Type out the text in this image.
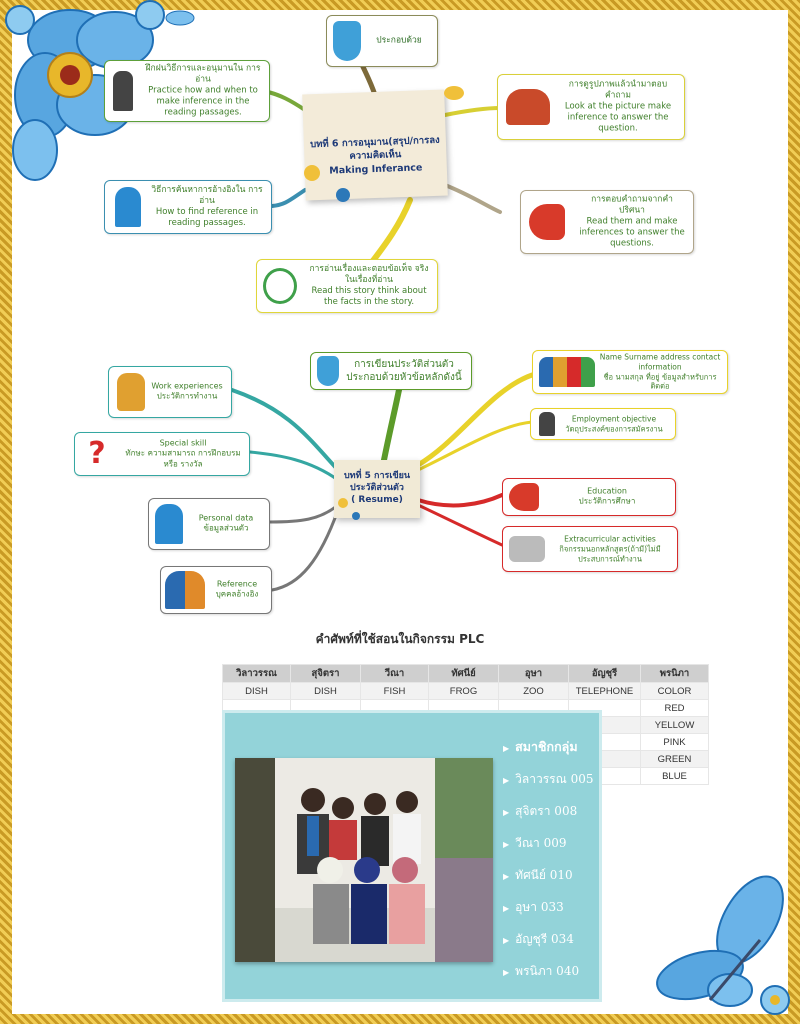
บทที่ 6 การอนุมาน(สรุป/การลงความคิดเห็น
Making Inferance
ประกอบด้วย
ฝึกฝนวิธีการและอนุมานใน การอ่าน
Practice how and when to make inference in the reading passages.
การดูรูปภาพแล้วนำมาตอบ คำถาม
Look at the picture make inference to answer the question.
วิธีการค้นหาการอ้างอิงใน การอ่าน
How to find reference in reading passages.
การตอบคำถามจากคำ ปริศนา
Read them and make inferences to answer the questions.
การอ่านเรื่องและตอบข้อเท็จ จริงในเรื่องที่อ่าน
Read this story think about the facts in the story.
บทที่ 5 การเขียน ประวัติส่วนตัว
( Resume)
การเขียนประวัติส่วนตัว ประกอบด้วยหัวข้อหลักดังนี้
Work experiences
ประวัติการทำงาน
?	Special skill
ทักษะ ความสามารถ การฝึกอบรมหรือ รางวัล
Personal data
ข้อมูลส่วนตัว
Reference
บุคคลอ้างอิง
Name Surname address contact information
ชื่อ นามสกุล ที่อยู่ ข้อมูลสำหรับการ ติดต่อ
Employment objective
วัตถุประสงค์ของการสมัครงาน
Education
ประวัติการศึกษา
Extracurricular activities
กิจกรรมนอกหลักสูตร(ถ้ามี)ไม่มี ประสบการณ์ทำงาน
คำศัพท์ที่ใช้สอนในกิจกรรม PLC
วิลาวรรณ	สุจิตรา	วีณา	ทัศนีย์	อุษา	อัญชุรี	พรนิภา
DISH	DISH	FISH	FROG	ZOO	TELEPHONE	COLOR
						RED
						YELLOW
						PINK
						GREEN
						BLUE
▶ สมาชิกกลุ่ม
▶ วิลาวรรณ 005
▶ สุจิตรา 008
▶ วีณา 009
▶ ทัศนีย์ 010
▶ อุษา 033
▶ อัญชุรี 034
▶ พรนิภา 040
